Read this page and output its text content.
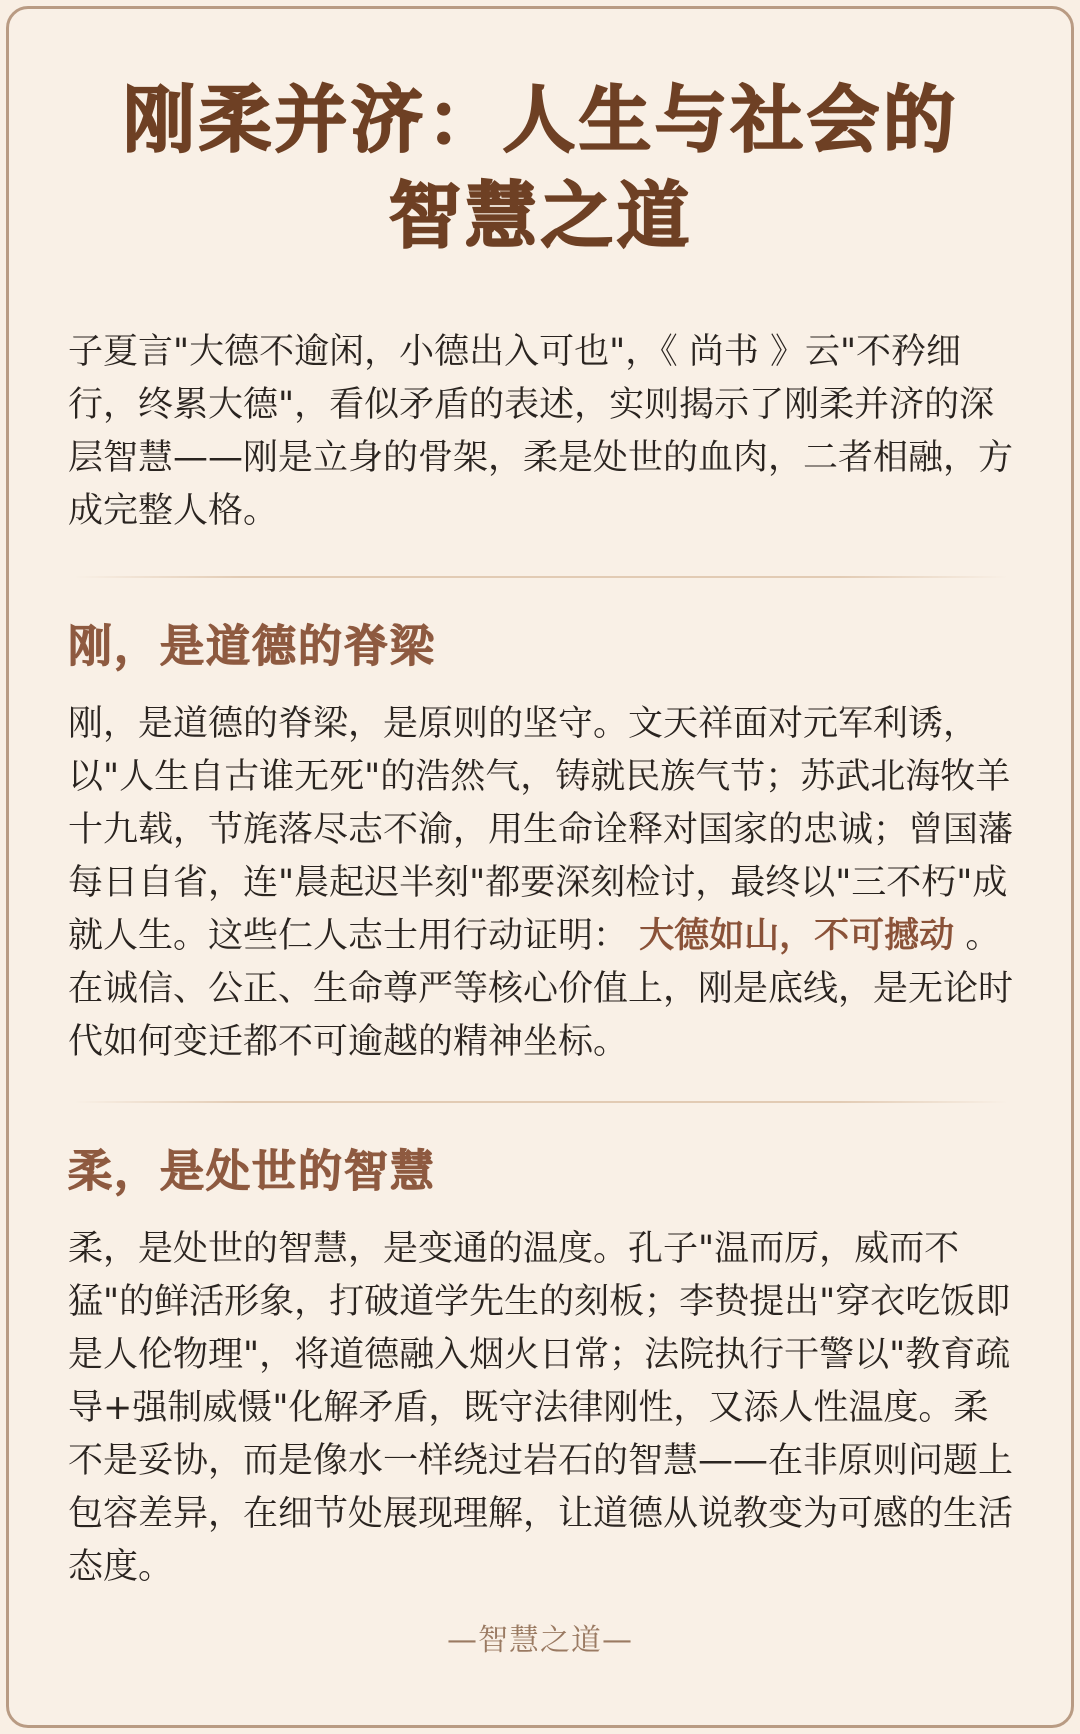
刚柔并济：人生与社会的
智慧之道

子夏言"大德不逾闲，小德出入可也"，《 尚书 》云"不矜细行，终累大德"，看似矛盾的表述，实则揭示了刚柔并济的深层智慧——刚是立身的骨架，柔是处世的血肉，二者相融，方成完整人格。

刚，是道德的脊梁

刚，是道德的脊梁，是原则的坚守。文天祥面对元军利诱，以"人生自古谁无死"的浩然气，铸就民族气节；苏武北海牧羊十九载，节旄落尽志不渝，用生命诠释对国家的忠诚；曾国藩每日自省，连"晨起迟半刻"都要深刻检讨，最终以"三不朽"成就人生。这些仁人志士用行动证明： 大德如山，不可撼动 。在诚信、公正、生命尊严等核心价值上，刚是底线，是无论时代如何变迁都不可逾越的精神坐标。

柔，是处世的智慧

柔，是处世的智慧，是变通的温度。孔子"温而厉，威而不猛"的鲜活形象，打破道学先生的刻板；李贽提出"穿衣吃饭即是人伦物理"，将道德融入烟火日常；法院执行干警以"教育疏导+强制威慑"化解矛盾，既守法律刚性，又添人性温度。柔不是妥协，而是像水一样绕过岩石的智慧——在非原则问题上包容差异，在细节处展现理解，让道德从说教变为可感的生活态度。

—智慧之道—
